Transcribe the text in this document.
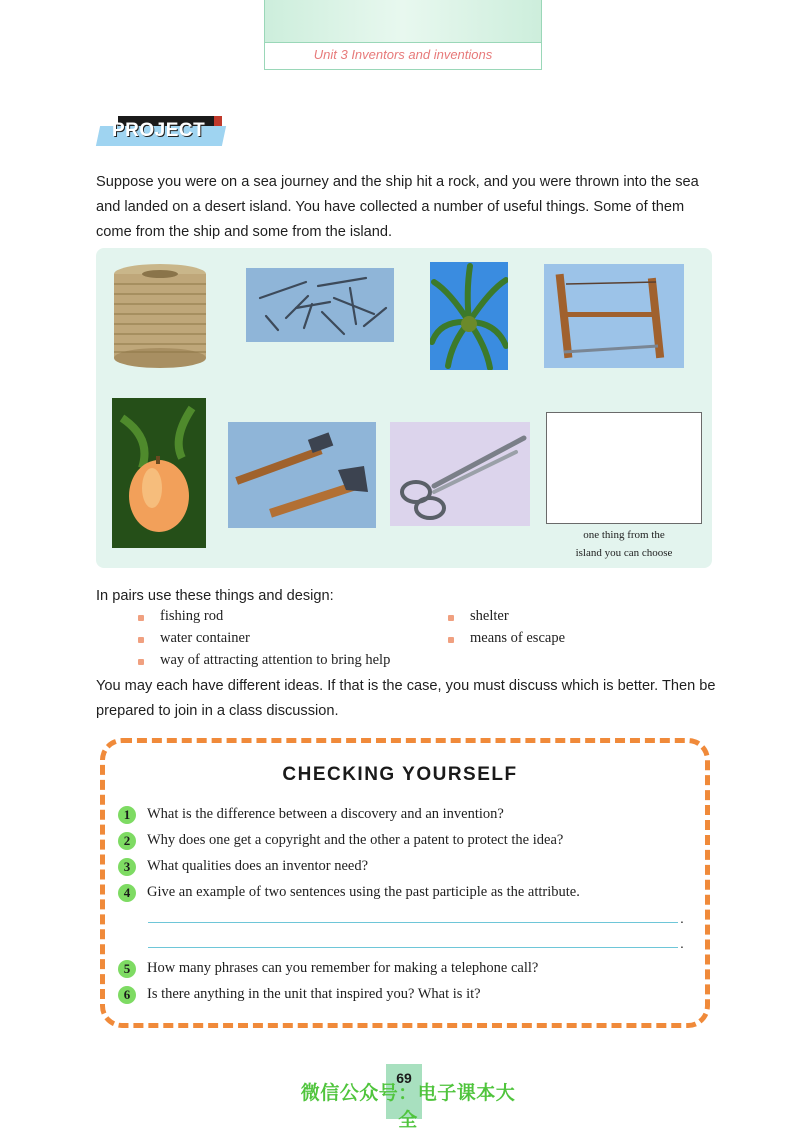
Unit 3 Inventors and inventions
PROJECT
Suppose you were on a sea journey and the ship hit a rock, and you were thrown into the sea and landed on a desert island. You have collected a number of useful things. Some of them come from the ship and some from the island.
one thing from the
island you can choose
In pairs use these things and design:
fishing rod	shelter
water container	means of escape
way of attracting attention to bring help
You may each have different ideas. If that is the case, you must discuss which is better. Then be prepared to join in a class discussion.
CHECKING YOURSELF
1	What is the difference between a discovery and an invention?
2	Why does one get a copyright and the other a patent to protect the idea?
3	What qualities does an inventor need?
4	Give an example of two sentences using the past participle as the attribute.
.
.
5	How many phrases can you remember for making a telephone call?
6	Is there anything in the unit that inspired you? What is it?
69
微信公众号：电子课本大全
